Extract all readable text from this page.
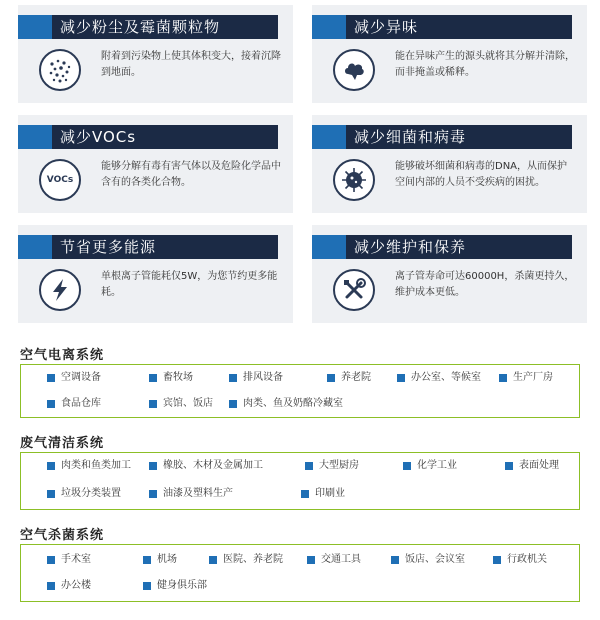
减少粉尘及霉菌颗粒物
附着到污染物上使其体积变大，接着沉降到地面。
减少异味
能在异味产生的源头就将其分解并清除，而非掩盖或稀释。
减少VOCs
VOCs
能够分解有毒有害气体以及危险化学品中含有的各类化合物。
减少细菌和病毒
能够破坏细菌和病毒的DNA，从而保护空间内部的人员不受疾病的困扰。
节省更多能源
单根离子管能耗仅5W，为您节约更多能耗。
减少维护和保养
离子管寿命可达60000H，杀菌更持久，维护成本更低。
空气电离系统
空调设备	畜牧场	排风设备	养老院	办公室、等候室	生产厂房
食品仓库	宾馆、饭店	肉类、鱼及奶酪冷藏室
废气清洁系统
肉类和鱼类加工	橡胶、木材及金属加工	大型厨房	化学工业	表面处理
垃圾分类装置	油漆及塑料生产	印刷业
空气杀菌系统
手术室	机场	医院、养老院	交通工具	饭店、会议室	行政机关
办公楼	健身俱乐部
